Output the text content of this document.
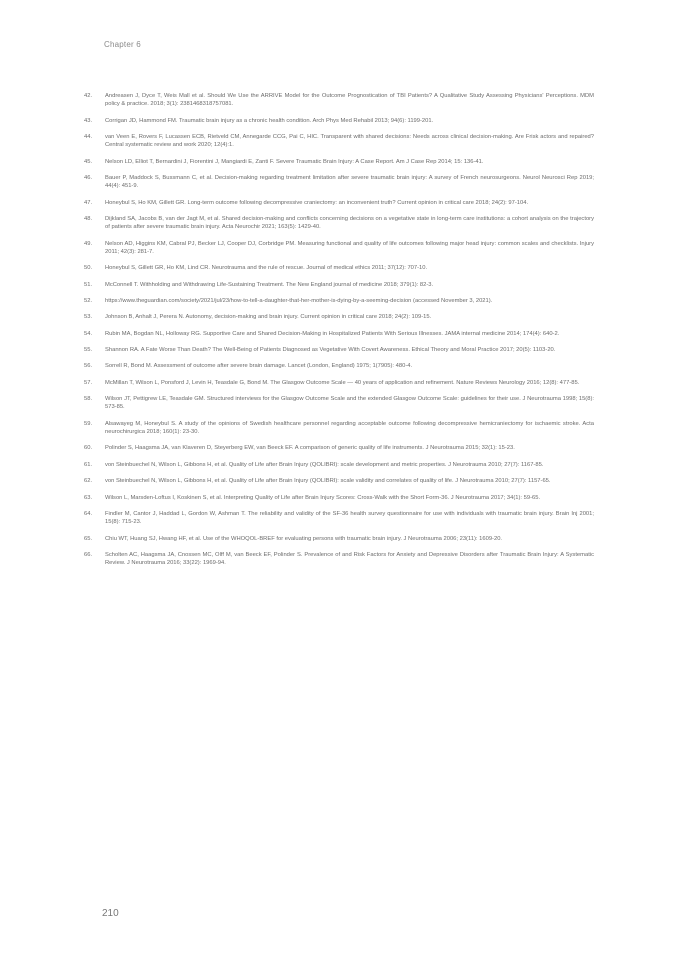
Chapter 6
42.	Andreasen J, Dyce T, Weis Mall et al. Should We Use the ARRIVE Model for the Outcome Prognostication of TBI Patients? A Qualitative Study Assessing Physicians' Perceptions. MDM policy & practice. 2018; 3(1): 2381468318757081.
43.	Corrigan JD, Hammond FM. Traumatic brain injury as a chronic health condition. Arch Phys Med Rehabil 2013; 94(6): 1199-201.
44.	van Veen E, Rovers F, Lucassen ECB, Rietveld CM, Annegarde CCG, Pai C, HIC. Transparent with shared decisions: Needs across clinical decision-making. Are Frisk actors and repaired? Central systematic review and work 2020; 12(4):1.
45.	Nelson LD, Elliot T, Bernardini J, Fiorentini J, Mangiardi E, Zanti F. Severe Traumatic Brain Injury: A Case Report. Am J Case Rep 2014; 15: 136-41.
46.	Bauer P, Maddock S, Bussmann C, et al. Decision-making regarding treatment limitation after severe traumatic brain injury: A survey of French neurosurgeons. Neurol Neurosci Rep 2019; 44(4): 451-9.
47.	Honeybul S, Ho KM, Gillett GR. Long-term outcome following decompressive craniectomy: an inconvenient truth? Current opinion in critical care 2018; 24(2): 97-104.
48.	Dijkland SA, Jacobs B, van der Jagt M, et al. Shared decision-making and conflicts concerning decisions on a vegetative state in long-term care institutions: a cohort analysis on the trajectory of patients after severe traumatic brain injury. Acta Neurochir 2021; 163(5): 1429-40.
49.	Nelson AD, Higgins KM, Cabral PJ, Becker LJ, Cooper DJ, Corbridge PM. Measuring functional and quality of life outcomes following major head injury: common scales and checklists. Injury 2011; 42(3): 281-7.
50.	Honeybul S, Gillett GR, Ho KM, Lind CR. Neurotrauma and the rule of rescue. Journal of medical ethics 2011; 37(12): 707-10.
51.	McConnell T. Withholding and Withdrawing Life-Sustaining Treatment. The New England journal of medicine 2018; 379(1): 82-3.
52.	https://www.theguardian.com/society/2021/jul/23/how-to-tell-a-daughter-that-her-mother-is-dying-by-a-seeming-decision (accessed November 3, 2021).
53.	Johnson B, Anhalt J, Perera N. Autonomy, decision-making and brain injury. Current opinion in critical care 2018; 24(2): 109-15.
54.	Rubin MA, Bogdan NL, Holloway RG. Supportive Care and Shared Decision-Making in Hospitalized Patients With Serious Illnesses. JAMA internal medicine 2014; 174(4): 640-2.
55.	Shannon RA. A Fate Worse Than Death? The Well-Being of Patients Diagnosed as Vegetative With Covert Awareness. Ethical Theory and Moral Practice 2017; 20(5): 1103-20.
56.	Sorrell R, Bond M. Assessment of outcome after severe brain damage. Lancet (London, England) 1975; 1(7905): 480-4.
57.	McMillan T, Wilson L, Ponsford J, Levin H, Teasdale G, Bond M. The Glasgow Outcome Scale — 40 years of application and refinement. Nature Reviews Neurology 2016; 12(8): 477-85.
58.	Wilson JT, Pettigrew LE, Teasdale GM. Structured interviews for the Glasgow Outcome Scale and the extended Glasgow Outcome Scale: guidelines for their use. J Neurotrauma 1998; 15(8): 573-85.
59.	Alsawayeg M, Honeybul S. A study of the opinions of Swedish healthcare personnel regarding acceptable outcome following decompressive hemicraniectomy for ischaemic stroke. Acta neurochirurgica 2018; 160(1): 23-30.
60.	Polinder S, Haagsma JA, van Klaveren D, Steyerberg EW, van Beeck EF. A comparison of generic quality of life instruments. J Neurotrauma 2015; 32(1): 15-23.
61.	von Steinbuechel N, Wilson L, Gibbons H, et al. Quality of Life after Brain Injury (QOLIBRI): scale development and metric properties. J Neurotrauma 2010; 27(7): 1167-85.
62.	von Steinbuechel N, Wilson L, Gibbons H, et al. Quality of Life after Brain Injury (QOLIBRI): scale validity and correlates of quality of life. J Neurotrauma 2010; 27(7): 1157-65.
63.	Wilson L, Marsden-Loftus I, Koskinen S, et al. Interpreting Quality of Life after Brain Injury Scores: Cross-Walk with the Short Form-36. J Neurotrauma 2017; 34(1): 59-65.
64.	Findler M, Cantor J, Haddad L, Gordon W, Ashman T. The reliability and validity of the SF-36 health survey questionnaire for use with individuals with traumatic brain injury. Brain Inj 2001; 15(8): 715-23.
65.	Chiu WT, Huang SJ, Hwang HF, et al. Use of the WHOQOL-BREF for evaluating persons with traumatic brain injury. J Neurotrauma 2006; 23(11): 1609-20.
66.	Scholten AC, Haagsma JA, Cnossen MC, Olff M, van Beeck EF, Polinder S. Prevalence of and Risk Factors for Anxiety and Depressive Disorders after Traumatic Brain Injury: A Systematic Review. J Neurotrauma 2016; 33(22): 1969-94.
210
